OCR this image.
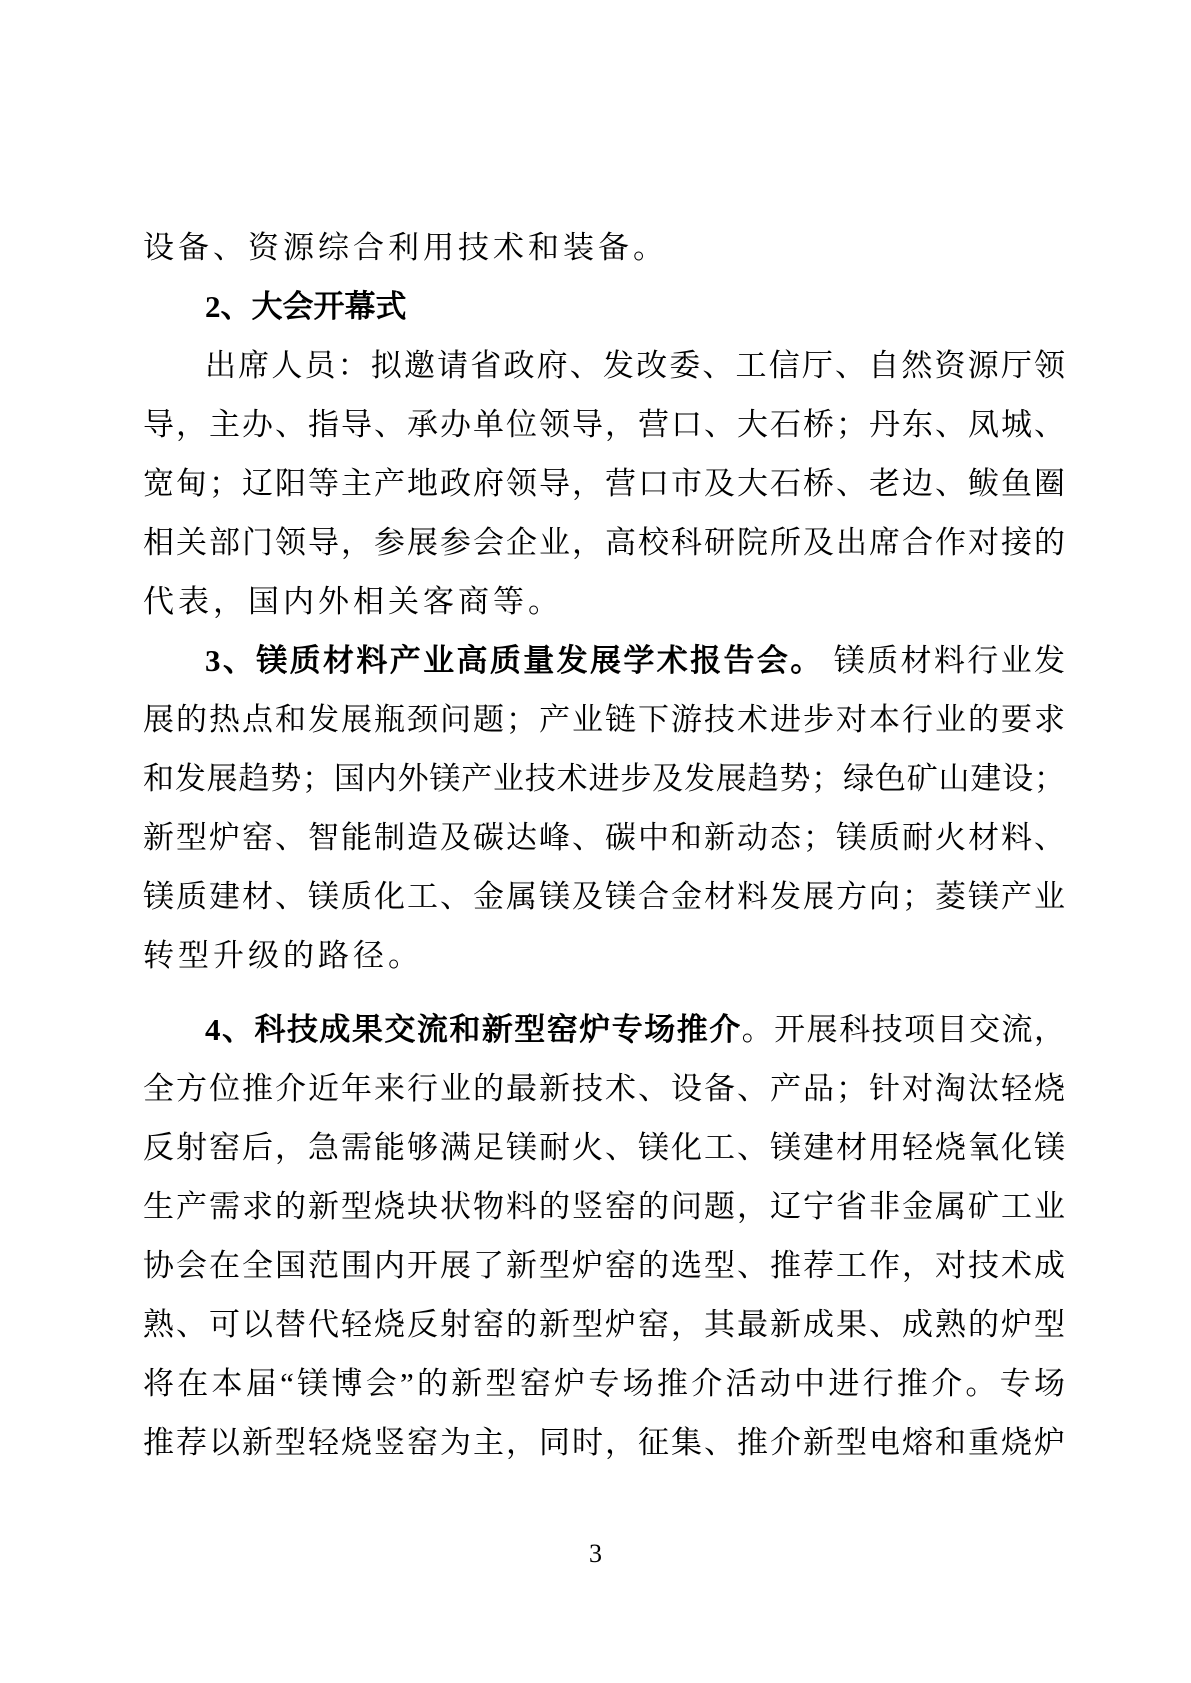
设备、资源综合利用技术和装备。
2、大会开幕式
出席人员：拟邀请省政府、发改委、工信厅、自然资源厅领
导，主办、指导、承办单位领导，营口、大石桥；丹东、凤城、
宽甸；辽阳等主产地政府领导，营口市及大石桥、老边、鲅鱼圈
相关部门领导，参展参会企业，高校科研院所及出席合作对接的
代表，国内外相关客商等。
3、镁质材料产业高质量发展学术报告会。 镁质材料行业发
展的热点和发展瓶颈问题；产业链下游技术进步对本行业的要求
和发展趋势；国内外镁产业技术进步及发展趋势；绿色矿山建设；
新型炉窑、智能制造及碳达峰、碳中和新动态；镁质耐火材料、
镁质建材、镁质化工、金属镁及镁合金材料发展方向；菱镁产业
转型升级的路径。
4、科技成果交流和新型窑炉专场推介。开展科技项目交流，
全方位推介近年来行业的最新技术、设备、产品；针对淘汰轻烧
反射窑后，急需能够满足镁耐火、镁化工、镁建材用轻烧氧化镁
生产需求的新型烧块状物料的竖窑的问题，辽宁省非金属矿工业
协会在全国范围内开展了新型炉窑的选型、推荐工作，对技术成
熟、可以替代轻烧反射窑的新型炉窑，其最新成果、成熟的炉型
将在本届“镁博会”的新型窑炉专场推介活动中进行推介。专场
推荐以新型轻烧竖窑为主，同时，征集、推介新型电熔和重烧炉
3
